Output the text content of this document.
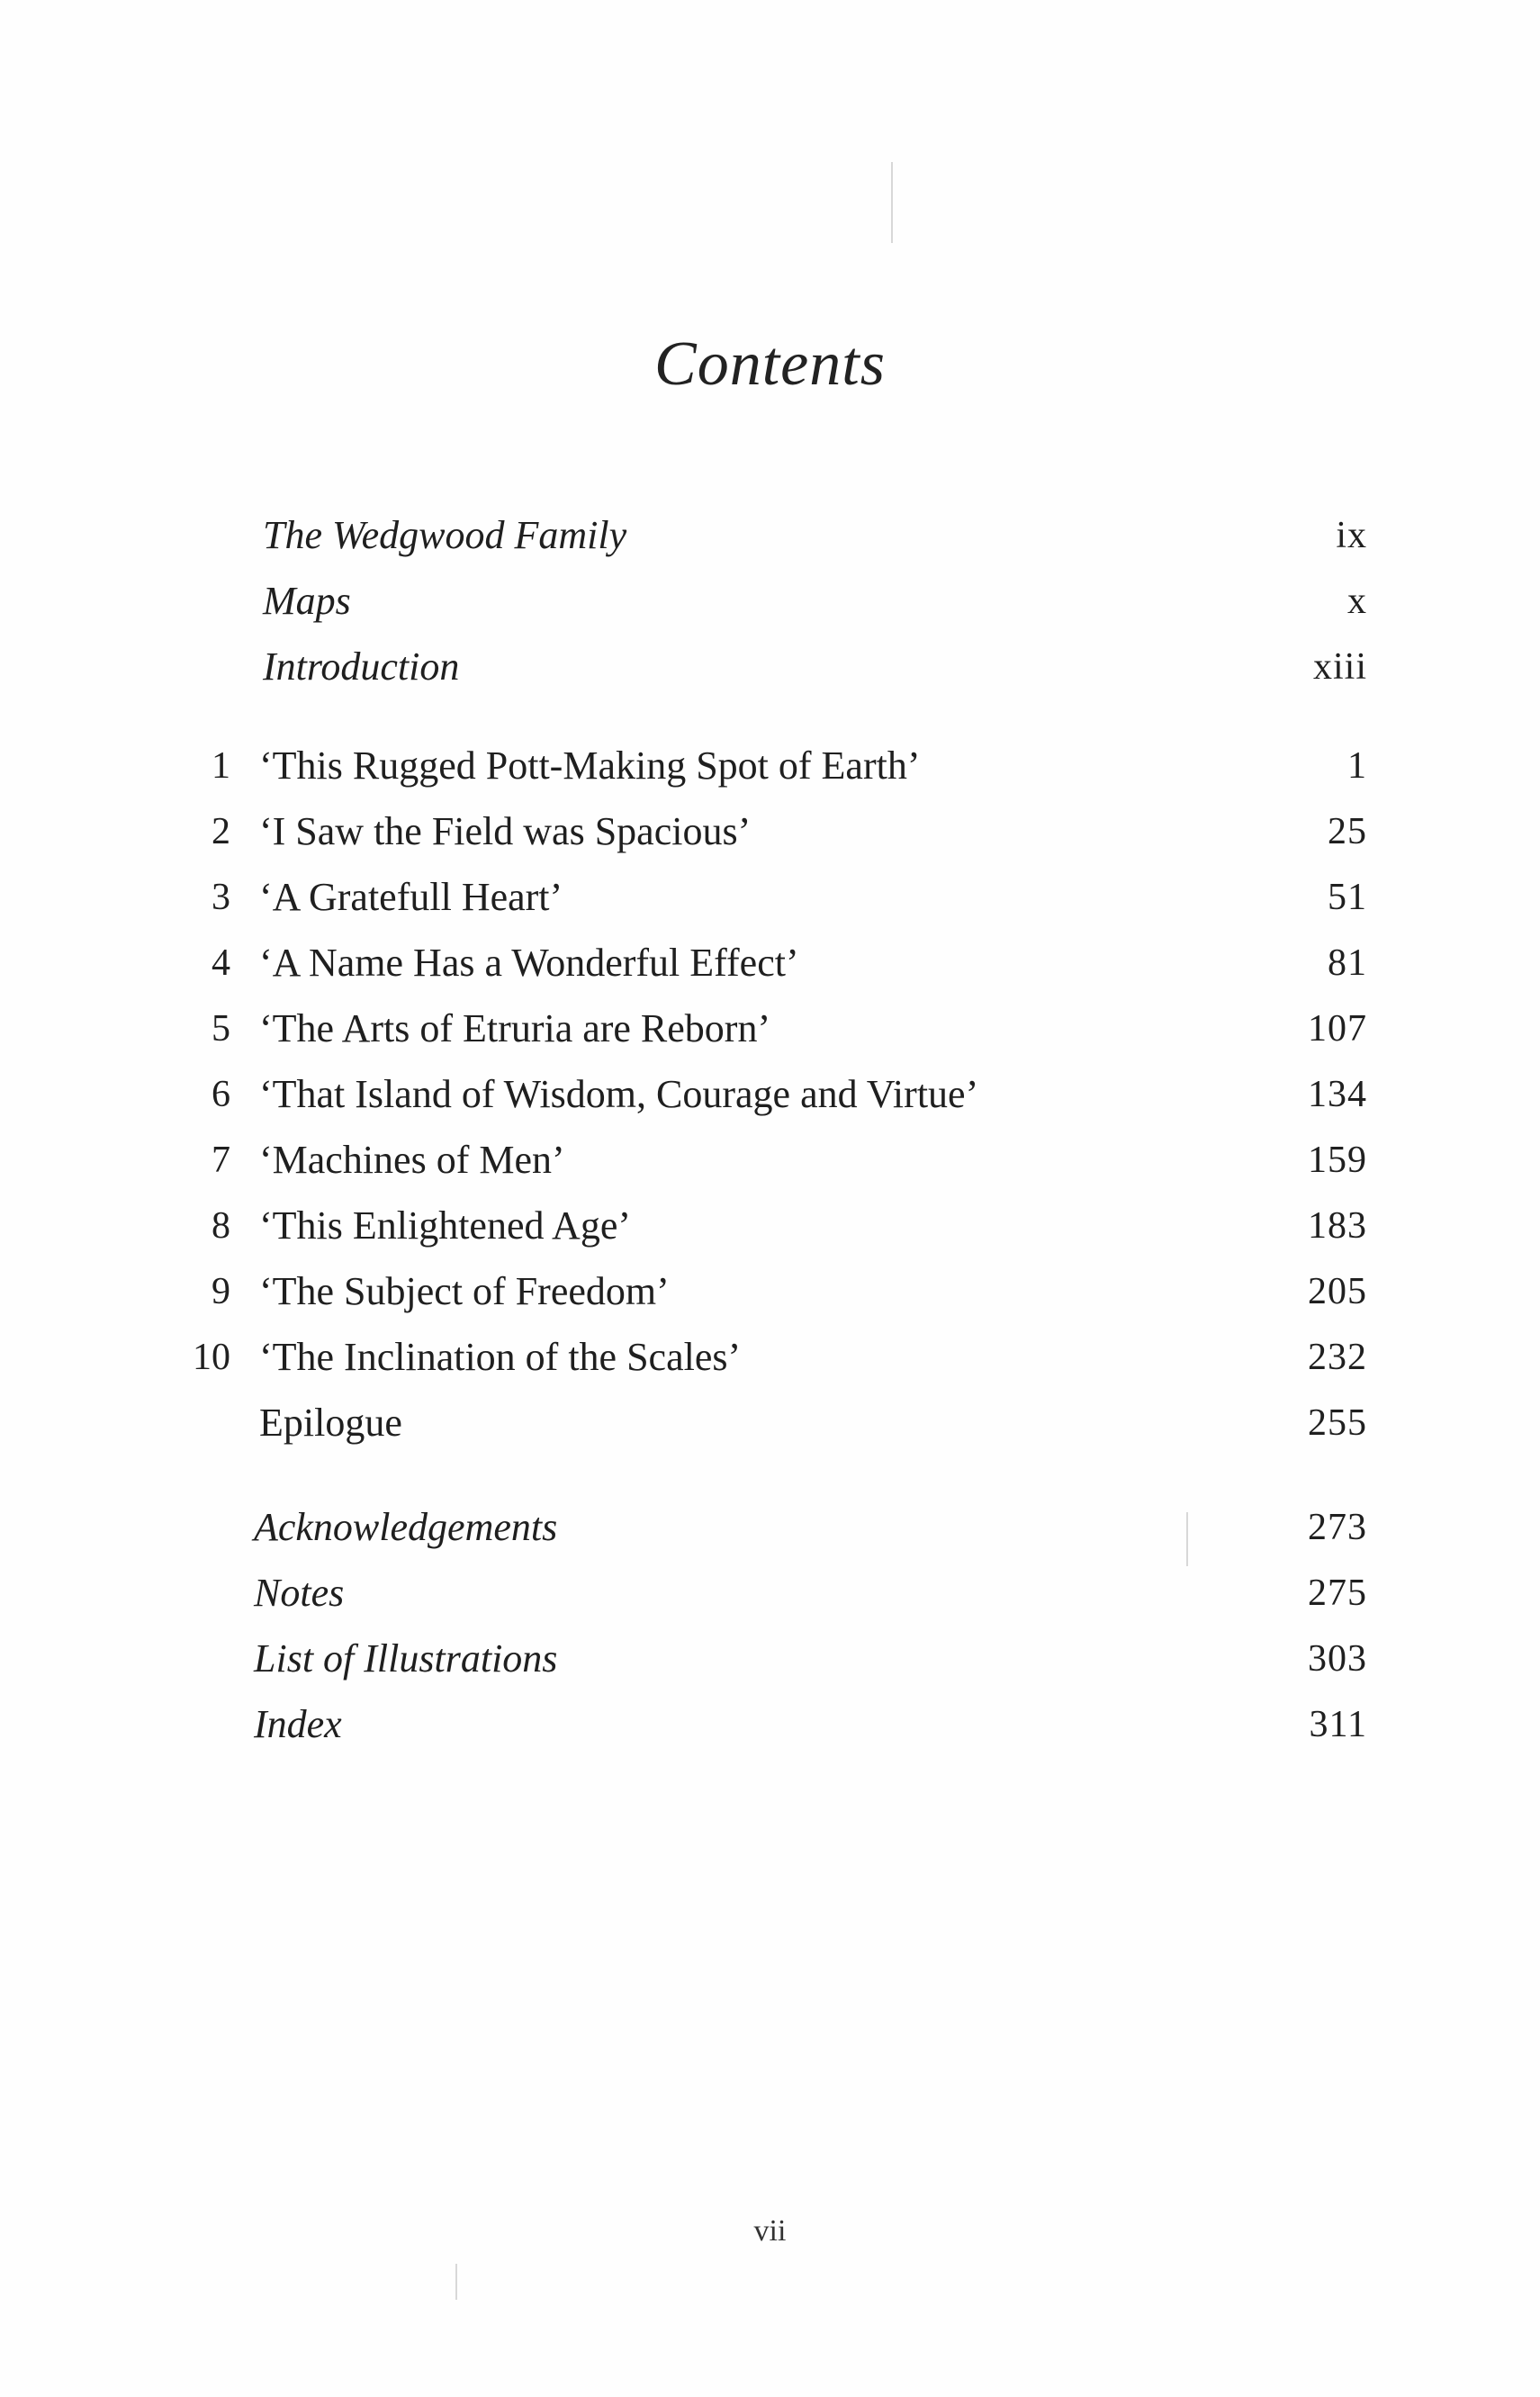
Contents
The Wedgwood Family	ix
Maps	x
Introduction	xiii
1 ‘This Rugged Pott-Making Spot of Earth’	1
2 ‘I Saw the Field was Spacious’	25
3 ‘A Gratefull Heart’	51
4 ‘A Name Has a Wonderful Effect’	81
5 ‘The Arts of Etruria are Reborn’	107
6 ‘That Island of Wisdom, Courage and Virtue’	134
7 ‘Machines of Men’	159
8 ‘This Enlightened Age’	183
9 ‘The Subject of Freedom’	205
10 ‘The Inclination of the Scales’	232
Epilogue	255
Acknowledgements	273
Notes	275
List of Illustrations	303
Index	311
vii
